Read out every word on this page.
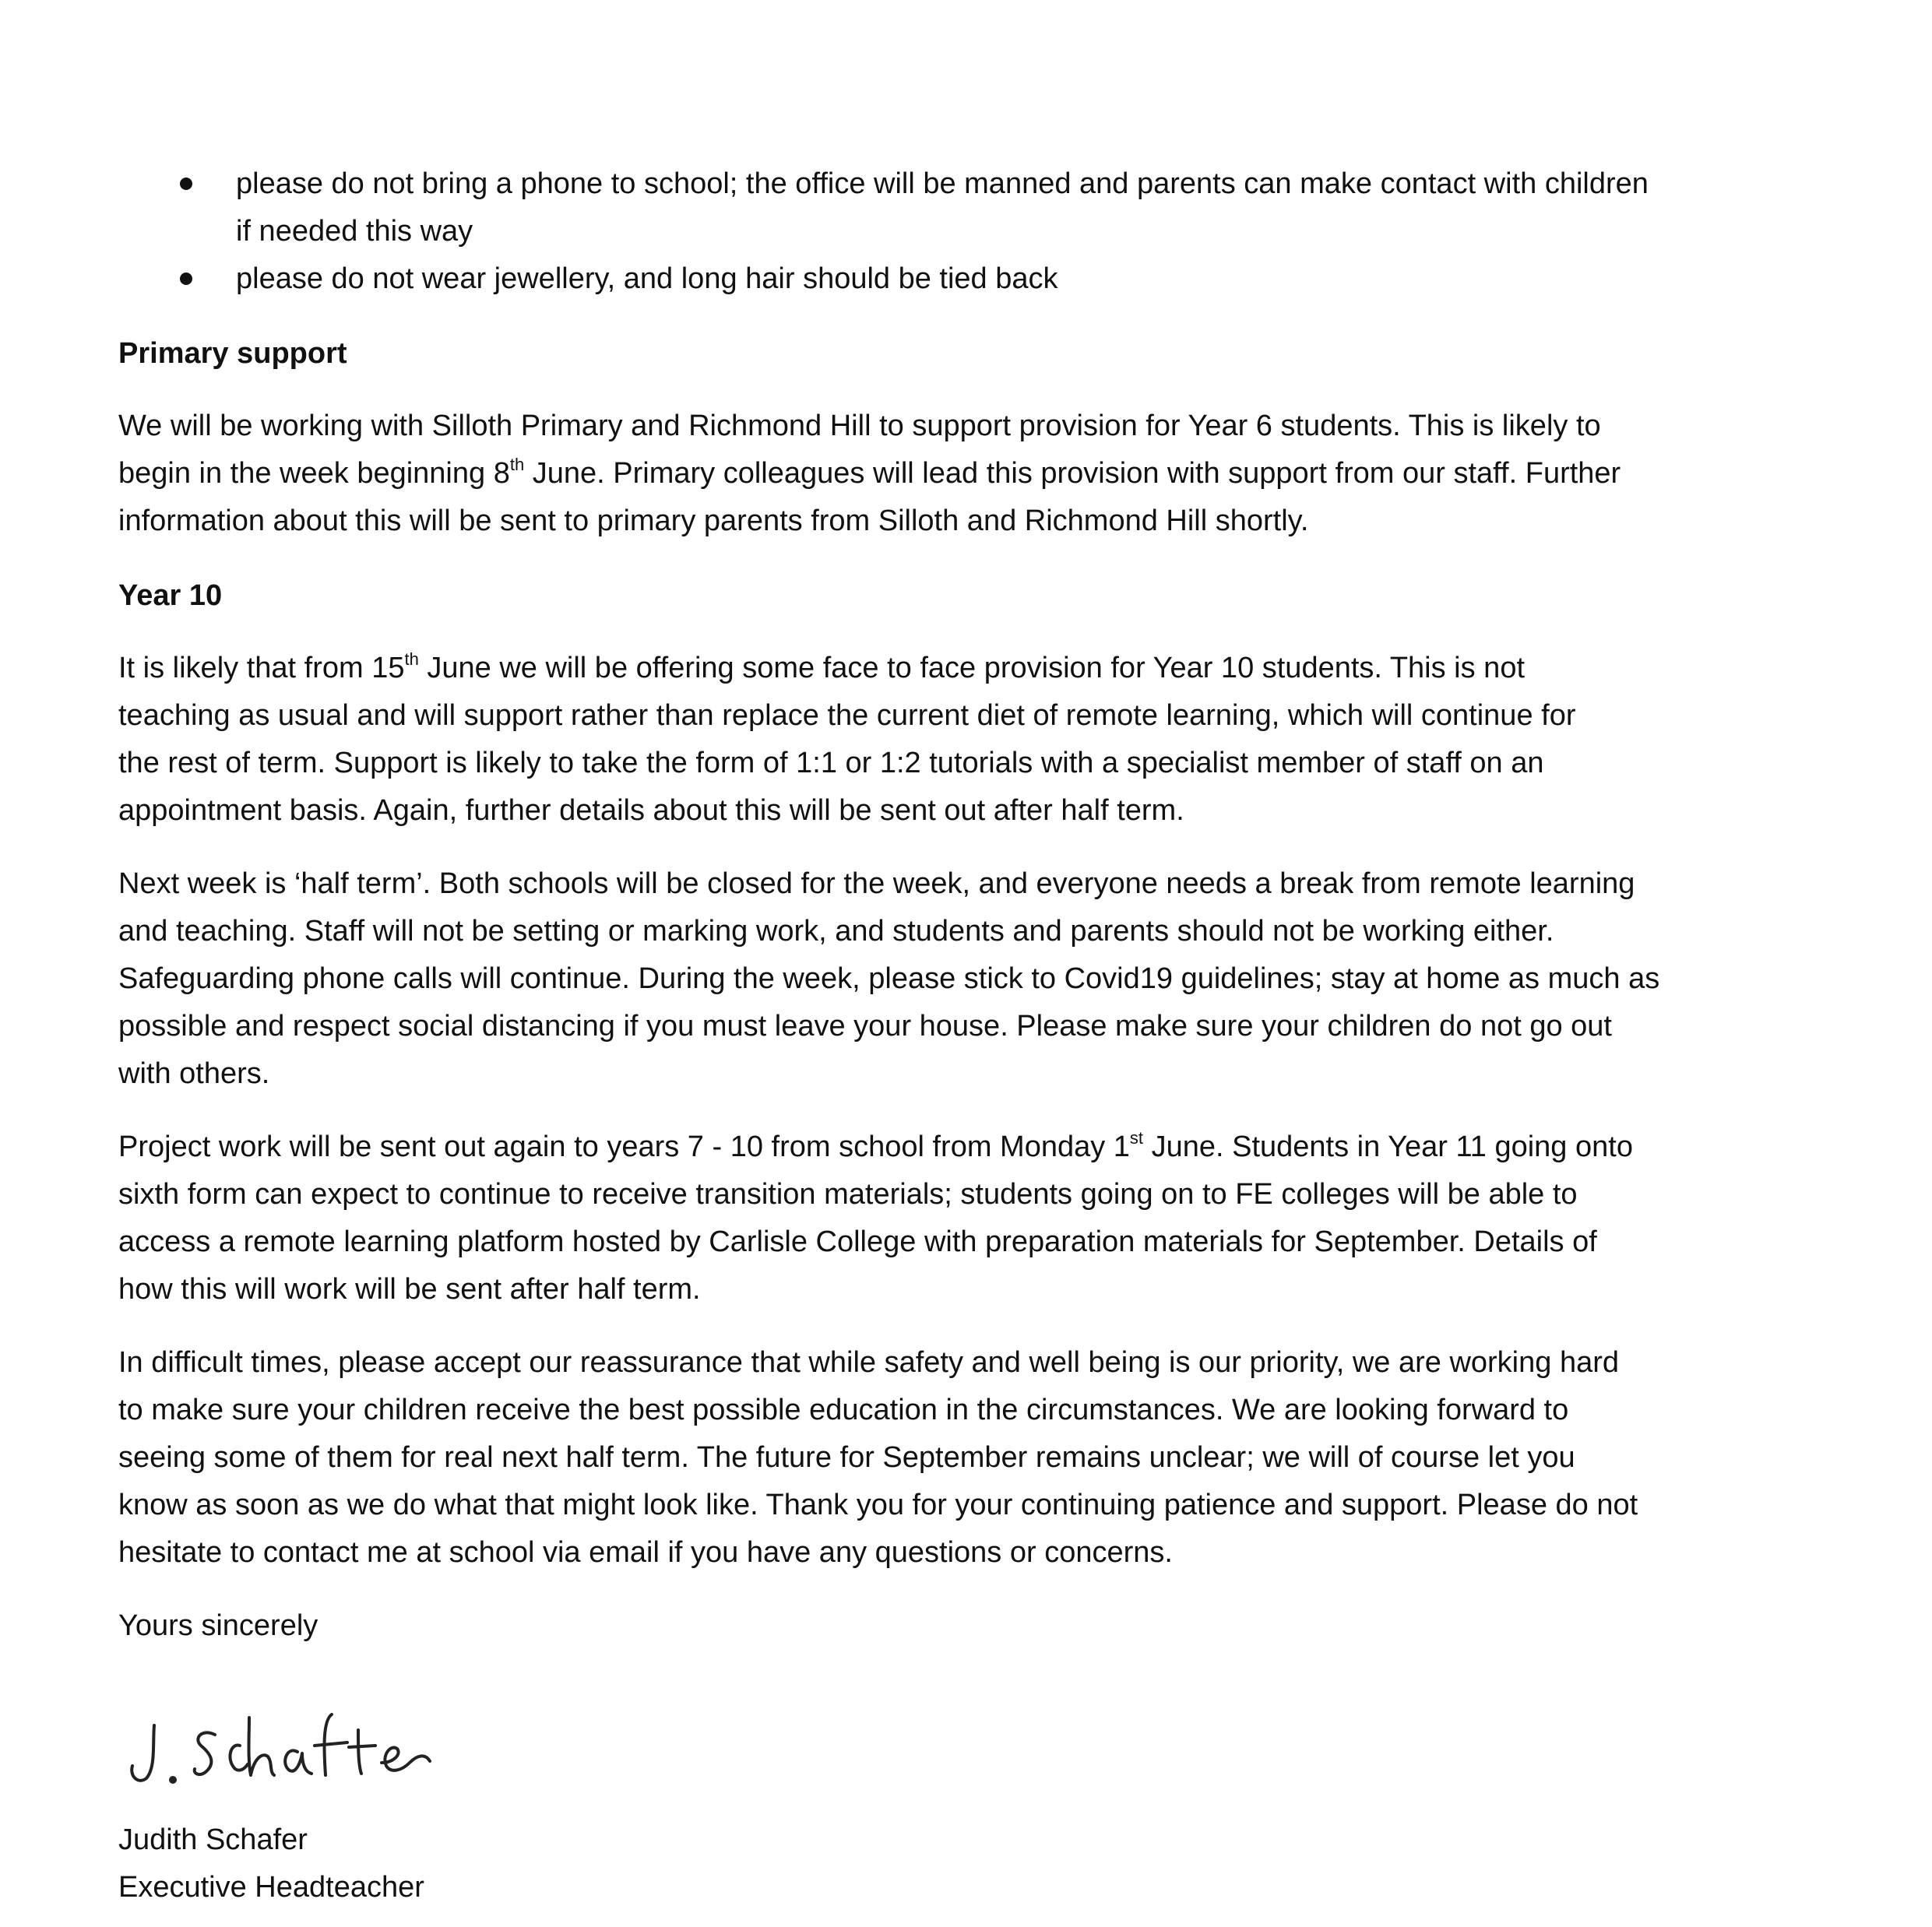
please do not bring a phone to school; the office will be manned and parents can make contact with children

if needed this way

please do not wear jewellery, and long hair should be tied back

Primary support

We will be working with Silloth Primary and Richmond Hill to support provision for Year 6 students. This is likely to

begin in the week beginning 8th June. Primary colleagues will lead this provision with support from our staff. Further

information about this will be sent to primary parents from Silloth and Richmond Hill shortly.

Year 10

It is likely that from 15th June we will be offering some face to face provision for Year 10 students. This is not

teaching as usual and will support rather than replace the current diet of remote learning, which will continue for

the rest of term. Support is likely to take the form of 1:1 or 1:2 tutorials with a specialist member of staff on an

appointment basis. Again, further details about this will be sent out after half term.

Next week is ‘half term’. Both schools will be closed for the week, and everyone needs a break from remote learning

and teaching. Staff will not be setting or marking work, and students and parents should not be working either.

Safeguarding phone calls will continue. During the week, please stick to Covid19 guidelines; stay at home as much as

possible and respect social distancing if you must leave your house. Please make sure your children do not go out

with others.

Project work will be sent out again to years 7 - 10 from school from Monday 1st June. Students in Year 11 going onto

sixth form can expect to continue to receive transition materials; students going on to FE colleges will be able to

access a remote learning platform hosted by Carlisle College with preparation materials for September. Details of

how this will work will be sent after half term.

In difficult times, please accept our reassurance that while safety and well being is our priority, we are working hard

to make sure your children receive the best possible education in the circumstances. We are looking forward to

seeing some of them for real next half term. The future for September remains unclear; we will of course let you

know as soon as we do what that might look like. Thank you for your continuing patience and support. Please do not

hesitate to contact me at school via email if you have any questions or concerns.

Yours sincerely

Judith Schafer

Executive Headteacher
